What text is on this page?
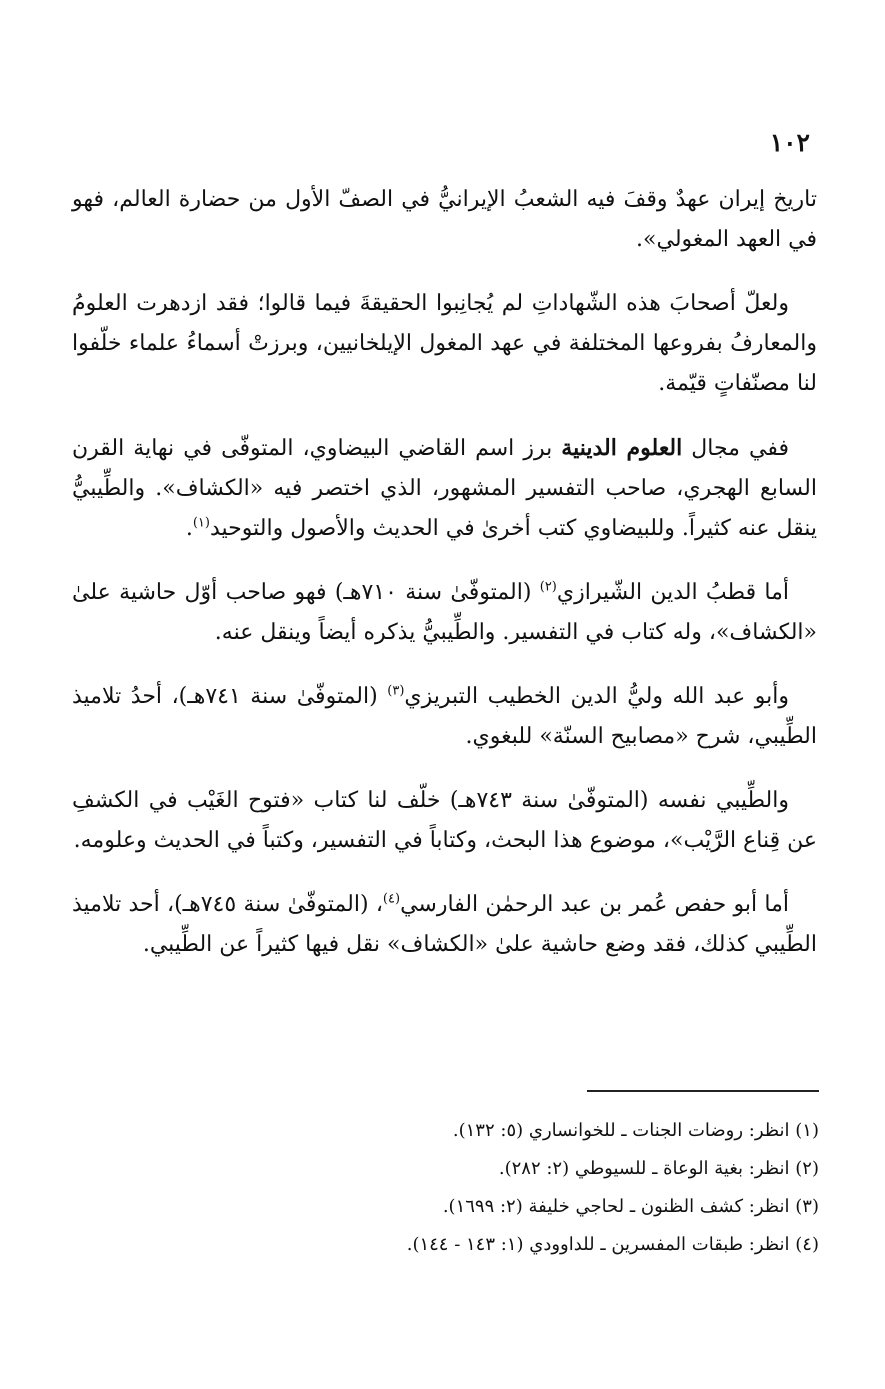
١٠٢

تاريخ إيران عهدٌ وقفَ فيه الشعبُ الإيرانيُّ في الصفّ الأول من حضارة العالم، فهو في العهد المغولي».

ولعلّ أصحابَ هذه الشّهاداتِ لم يُجانِبوا الحقيقةَ فيما قالوا؛ فقد ازدهرت العلومُ والمعارفُ بفروعها المختلفة في عهد المغول الإيلخانيين، وبرزتْ أسماءُ علماء خلّفوا لنا مصنّفاتٍ قيّمة.

ففي مجال العلوم الدينية برز اسم القاضي البيضاوي، المتوفّى في نهاية القرن السابع الهجري، صاحب التفسير المشهور، الذي اختصر فيه «الكشاف». والطِّيبيُّ ينقل عنه كثيراً. وللبيضاوي كتب أخرىٰ في الحديث والأصول والتوحيد$^{(١)}$.

أما قطبُ الدين الشّيرازي$^{(٢)}$ (المتوفّىٰ سنة ٧١٠هـ) فهو صاحب أوّل حاشية علىٰ «الكشاف»، وله كتاب في التفسير. والطِّيبيُّ يذكره أيضاً وينقل عنه.

وأبو عبد الله وليُّ الدين الخطيب التبريزي$^{(٣)}$ (المتوفّىٰ سنة ٧٤١هـ)، أحدُ تلاميذ الطِّيبي، شرح «مصابيح السنّة» للبغوي.

والطِّيبي نفسه (المتوفّىٰ سنة ٧٤٣هـ) خلّف لنا كتاب «فتوح الغَيْب في الكشفِ عن قِناع الرَّيْب»، موضوع هذا البحث، وكتاباً في التفسير، وكتباً في الحديث وعلومه.

أما أبو حفص عُمر بن عبد الرحمٰن الفارسي$^{(٤)}$، (المتوفّىٰ سنة ٧٤٥هـ)، أحد تلاميذ الطِّيبي كذلك، فقد وضع حاشية علىٰ «الكشاف» نقل فيها كثيراً عن الطِّيبي.

(١) انظر: روضات الجنات ـ للخوانساري (٥: ١٣٢).

(٢) انظر: بغية الوعاة ـ للسيوطي (٢: ٢٨٢).

(٣) انظر: كشف الظنون ـ لحاجي خليفة (٢: ١٦٩٩).

(٤) انظر: طبقات المفسرين ـ للداوودي (١: ١٤٣ - ١٤٤).
